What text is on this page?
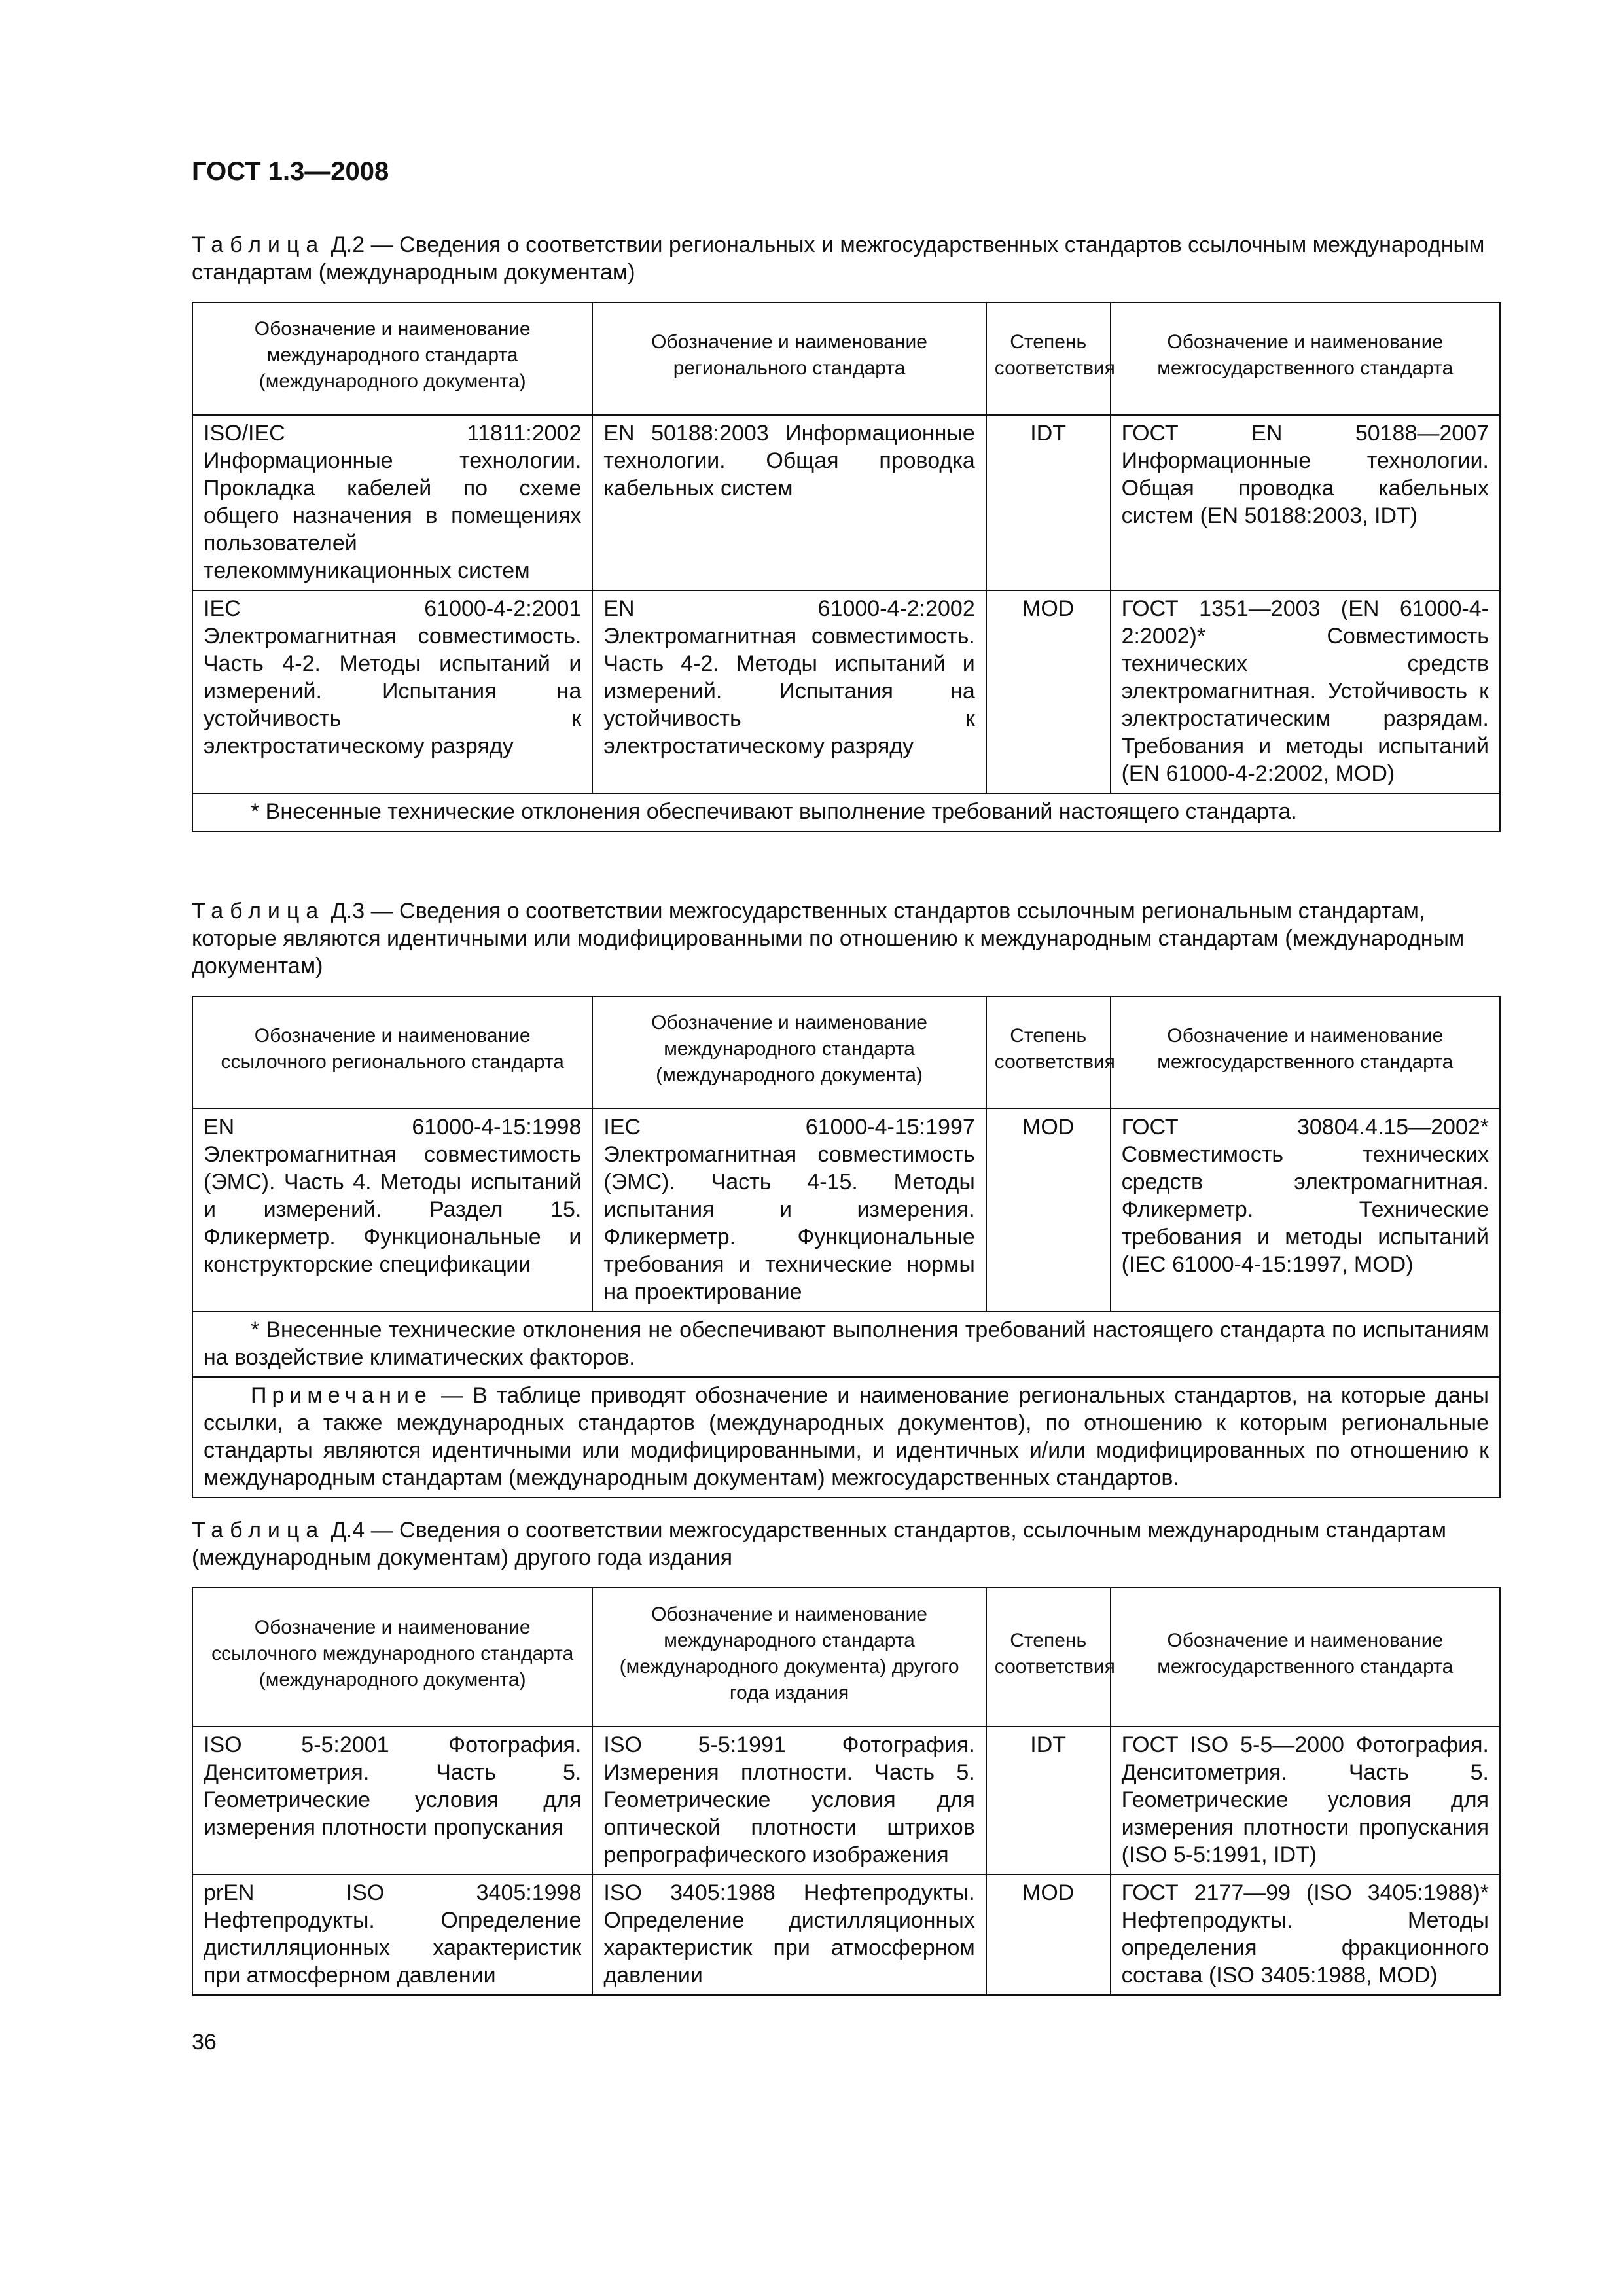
ГОСТ 1.3—2008

Таблица Д.2 — Сведения о соответствии региональных и межгосударственных стандартов ссылочным международным стандартам (международным документам)

Обозначение и наименование международного стандарта (международного документа)	Обозначение и наименование регионального стандарта	Степень соответствия	Обозначение и наименование межгосударственного стандарта
ISO/IEC 11811:2002 Информационные технологии. Прокладка кабелей по схеме общего назначения в помещениях пользователей телекоммуникационных систем	EN 50188:2003 Информационные технологии. Общая проводка кабельных систем	IDT	ГОСТ EN 50188—2007 Информационные технологии. Общая проводка кабельных систем (EN 50188:2003, IDT)
IEC 61000-4-2:2001 Электромагнитная совместимость. Часть 4-2. Методы испытаний и измерений. Испытания на устойчивость к электростатическому разряду	EN 61000-4-2:2002 Электромагнитная совместимость. Часть 4-2. Методы испытаний и измерений. Испытания на устойчивость к электростатическому разряду	MOD	ГОСТ 1351—2003 (EN 61000-4-2:2002)* Совместимость технических средств электромагнитная. Устойчивость к электростатическим разрядам. Требования и методы испытаний (EN 61000-4-2:2002, MOD)
* Внесенные технические отклонения обеспечивают выполнение требований настоящего стандарта.			

Таблица Д.3 — Сведения о соответствии межгосударственных стандартов ссылочным региональным стандартам, которые являются идентичными или модифицированными по отношению к международным стандартам (международным документам)

Обозначение и наименование ссылочного регионального стандарта	Обозначение и наименование международного стандарта (международного документа)	Степень соответствия	Обозначение и наименование межгосударственного стандарта
EN 61000-4-15:1998 Электромагнитная совместимость (ЭМС). Часть 4. Методы испытаний и измерений. Раздел 15. Фликерметр. Функциональные и конструкторские спецификации	IEC 61000-4-15:1997 Электромагнитная совместимость (ЭМС). Часть 4-15. Методы испытания и измерения. Фликерметр. Функциональные требования и технические нормы на проектирование	MOD	ГОСТ 30804.4.15—2002* Совместимость технических средств электромагнитная. Фликерметр. Технические требования и методы испытаний (IEC 61000-4-15:1997, MOD)
* Внесенные технические отклонения не обеспечивают выполнения требований настоящего стандарта по испытаниям на воздействие климатических факторов.			
Примечание — В таблице приводят обозначение и наименование региональных стандартов, на которые даны ссылки, а также международных стандартов (международных документов), по отношению к которым региональные стандарты являются идентичными или модифицированными, и идентичных и/или модифицированных по отношению к международным стандартам (международным документам) межгосударственных стандартов.			

Таблица Д.4 — Сведения о соответствии межгосударственных стандартов, ссылочным международным стандартам (международным документам) другого года издания

Обозначение и наименование ссылочного международного стандарта (международного документа)	Обозначение и наименование международного стандарта (международного документа) другого года издания	Степень соответствия	Обозначение и наименование межгосударственного стандарта
ISO 5-5:2001 Фотография. Денситометрия. Часть 5. Геометрические условия для измерения плотности пропускания	ISO 5-5:1991 Фотография. Измерения плотности. Часть 5. Геометрические условия для оптической плотности штрихов репрографического изображения	IDT	ГОСТ ISO 5-5—2000 Фотография. Денситометрия. Часть 5. Геометрические условия для измерения плотности пропускания (ISO 5-5:1991, IDT)
prEN ISO 3405:1998 Нефтепродукты. Определение дистилляционных характеристик при атмосферном давлении	ISO 3405:1988 Нефтепродукты. Определение дистилляционных характеристик при атмосферном давлении	MOD	ГОСТ 2177—99 (ISO 3405:1988)* Нефтепродукты. Методы определения фракционного состава (ISO 3405:1988, MOD)
36
